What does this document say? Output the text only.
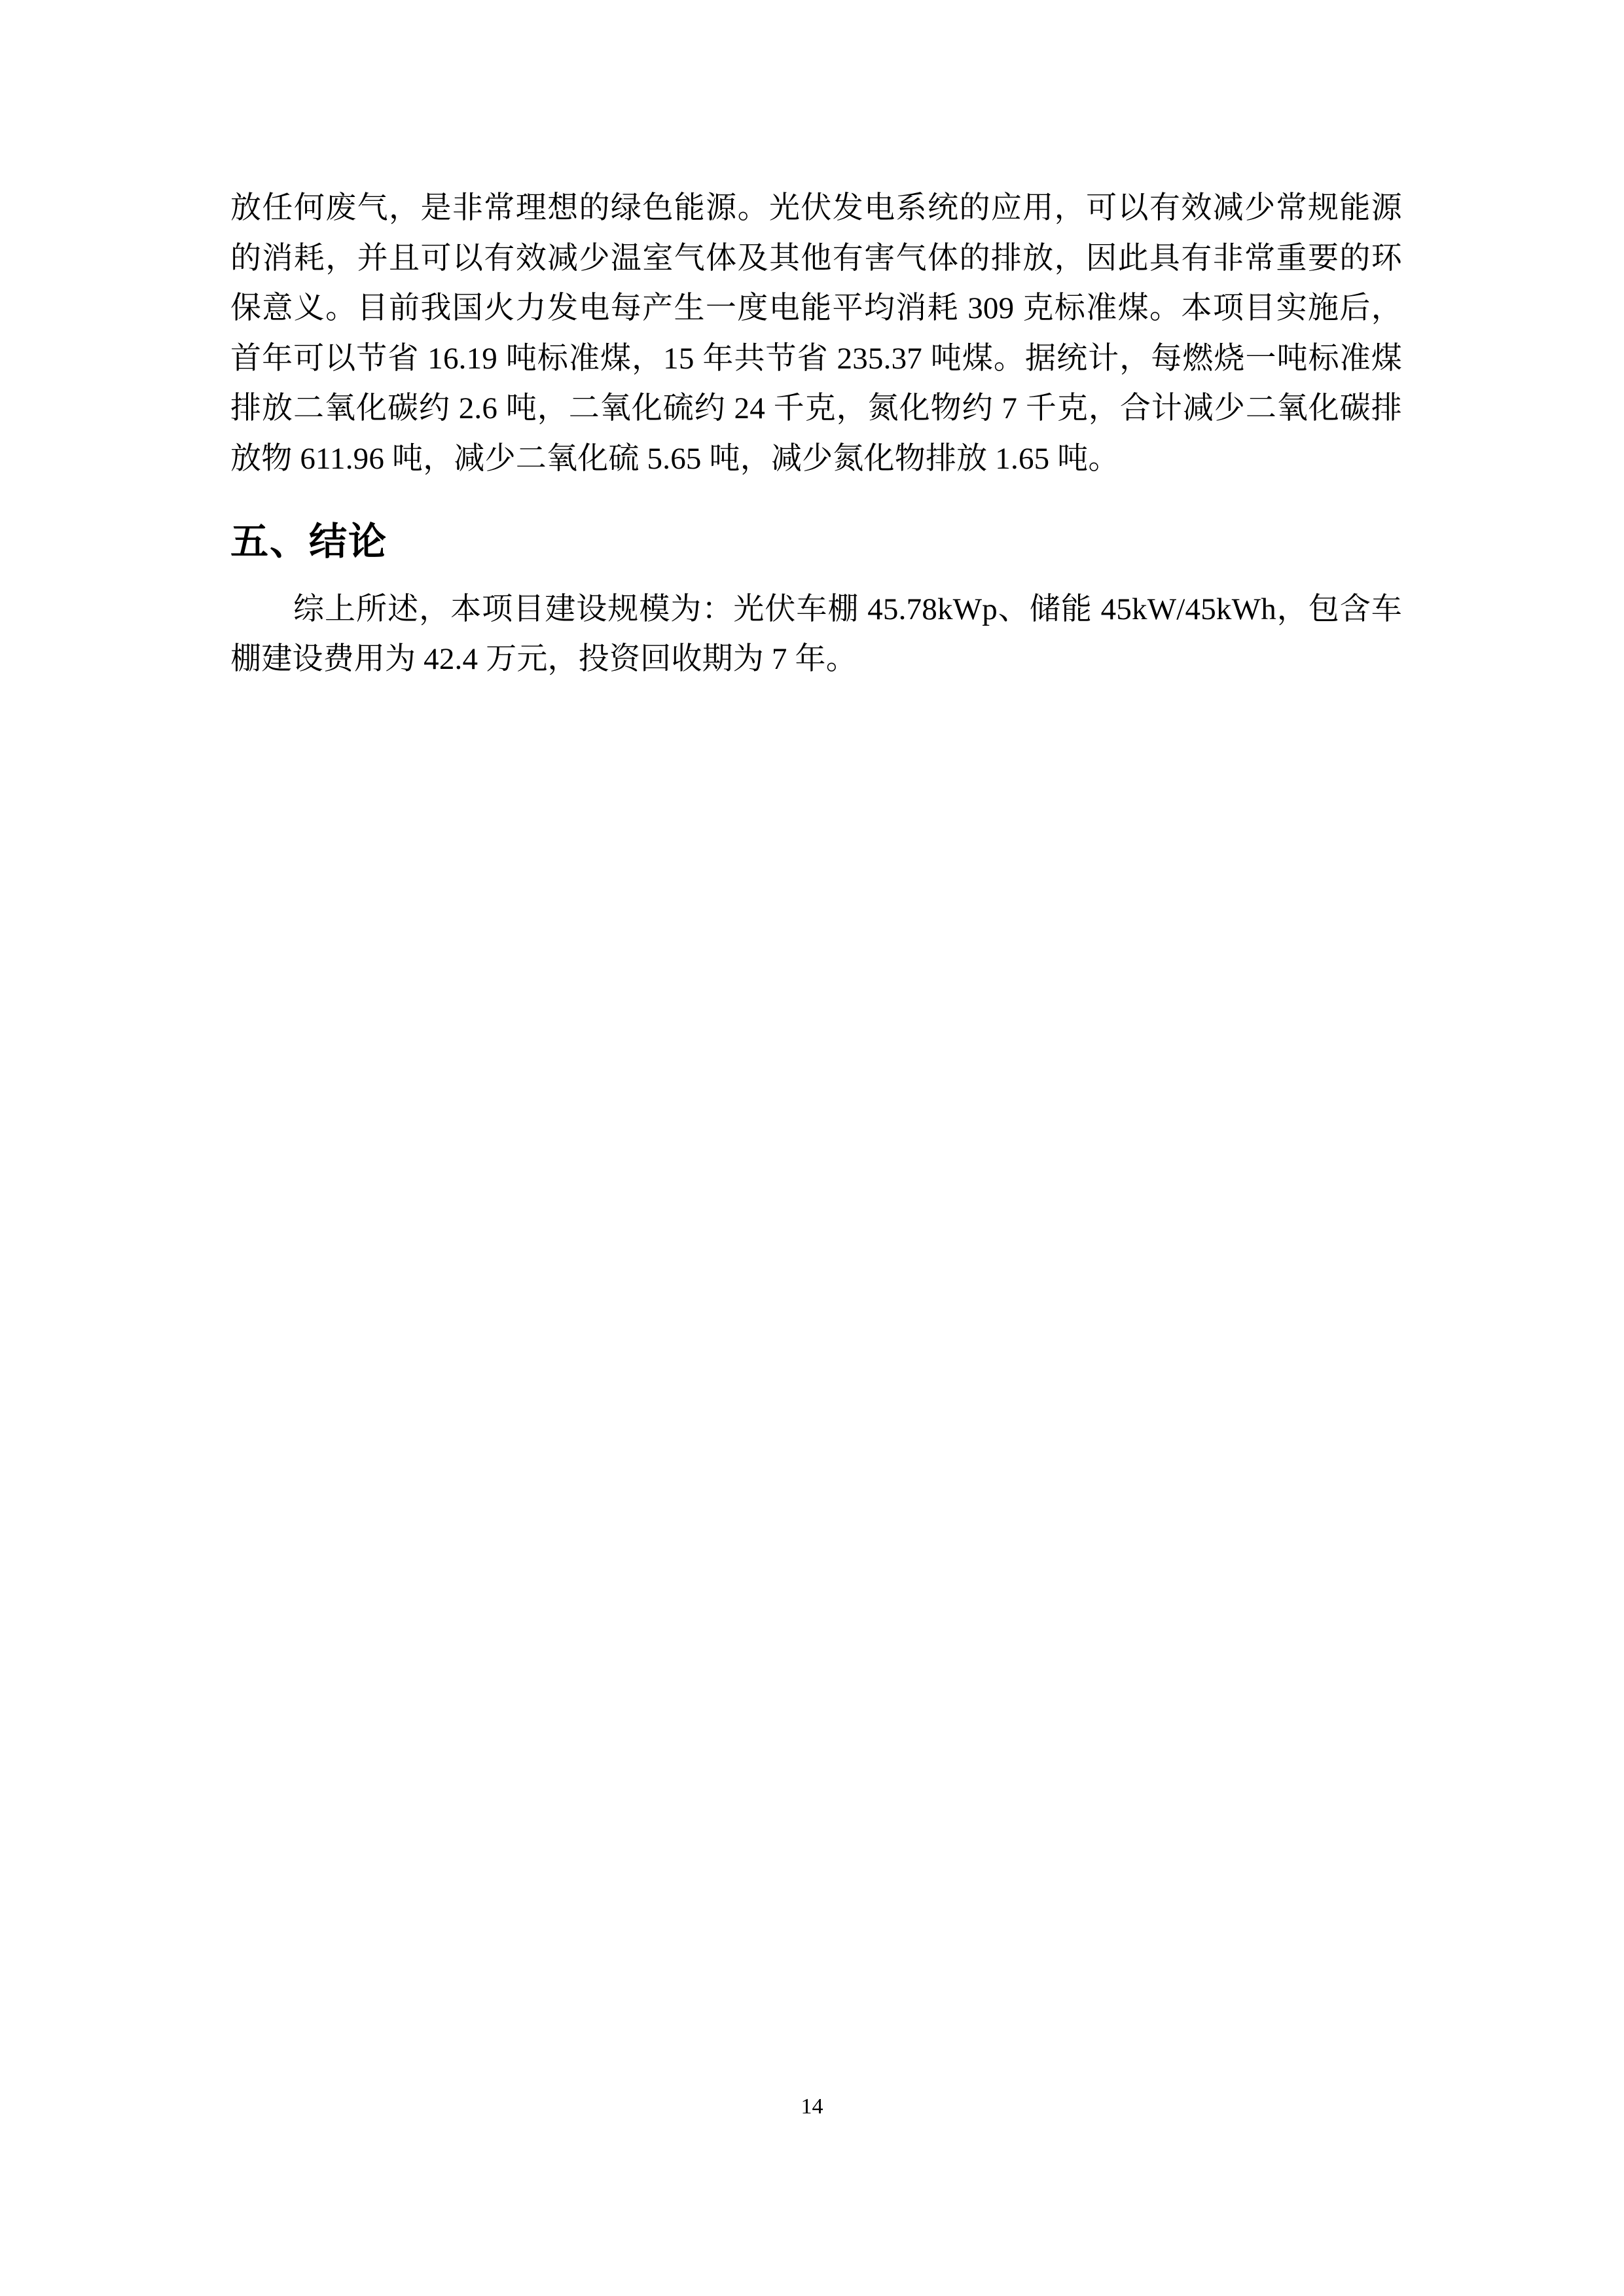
放任何废气，是非常理想的绿色能源。光伏发电系统的应用，可以有效减少常规能源的消耗，并且可以有效减少温室气体及其他有害气体的排放，因此具有非常重要的环保意义。目前我国火力发电每产生一度电能平均消耗 309 克标准煤。本项目实施后，首年可以节省 16.19 吨标准煤，15 年共节省 235.37 吨煤。据统计，每燃烧一吨标准煤排放二氧化碳约 2.6 吨，二氧化硫约 24 千克，氮化物约 7 千克，合计减少二氧化碳排放物 611.96 吨，减少二氧化硫 5.65 吨，减少氮化物排放 1.65 吨。

五、结论

综上所述，本项目建设规模为：光伏车棚 45.78kWp、储能 45kW/45kWh，包含车棚建设费用为 42.4 万元，投资回收期为 7 年。

14
